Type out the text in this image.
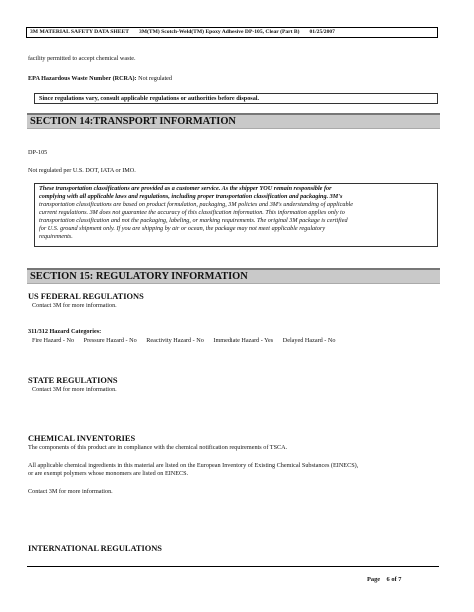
3M MATERIAL SAFETY DATA SHEET 3M(TM) Scotch-Weld(TM) Epoxy Adhesive DP-105, Clear (Part B) 01/25/2007
facility permitted to accept chemical waste.
EPA Hazardous Waste Number (RCRA): Not regulated
Since regulations vary, consult applicable regulations or authorities before disposal.
SECTION 14:TRANSPORT INFORMATION
DP-105
Not regulated per U.S. DOT, IATA or IMO.
These transportation classifications are provided as a customer service. As the shipper YOU remain responsible for
complying with all applicable laws and regulations, including proper transportation classification and packaging. 3M's
transportation classifications are based on product formulation, packaging, 3M policies and 3M's understanding of applicable
current regulations. 3M does not guarantee the accuracy of this classification information. This information applies only to
transportation classification and not the packaging, labeling, or marking requirements. The original 3M package is certified
for U.S. ground shipment only. If you are shipping by air or ocean, the package may not meet applicable regulatory
requirements.
SECTION 15: REGULATORY INFORMATION
US FEDERAL REGULATIONS
Contact 3M for more information.
311/312 Hazard Categories:
Fire Hazard - No Pressure Hazard - No Reactivity Hazard - No Immediate Hazard - Yes Delayed Hazard - No
STATE REGULATIONS
Contact 3M for more information.
CHEMICAL INVENTORIES
The components of this product are in compliance with the chemical notification requirements of TSCA.
All applicable chemical ingredients in this material are listed on the European Inventory of Existing Chemical Substances (EINECS),
or are exempt polymers whose monomers are listed on EINECS.
Contact 3M for more information.
INTERNATIONAL REGULATIONS
Page 6 of 7
